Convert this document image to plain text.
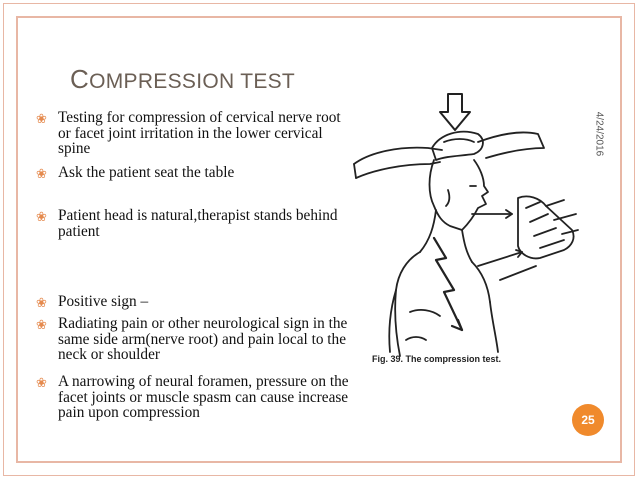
COMPRESSION TEST
❀ Testing for compression of cervical nerve root or facet joint irritation in the lower cervical spine
❀ Ask the patient seat the table
❀ Patient head is natural,therapist stands behind patient
❀ Positive sign –
❀ Radiating pain or other neurological sign in the same side arm(nerve root) and pain local to the neck or shoulder
❀ A narrowing of neural foramen, pressure on the facet joints or muscle spasm can cause increase pain upon compression
4/24/2016
Fig. 39. The compression test.
25
